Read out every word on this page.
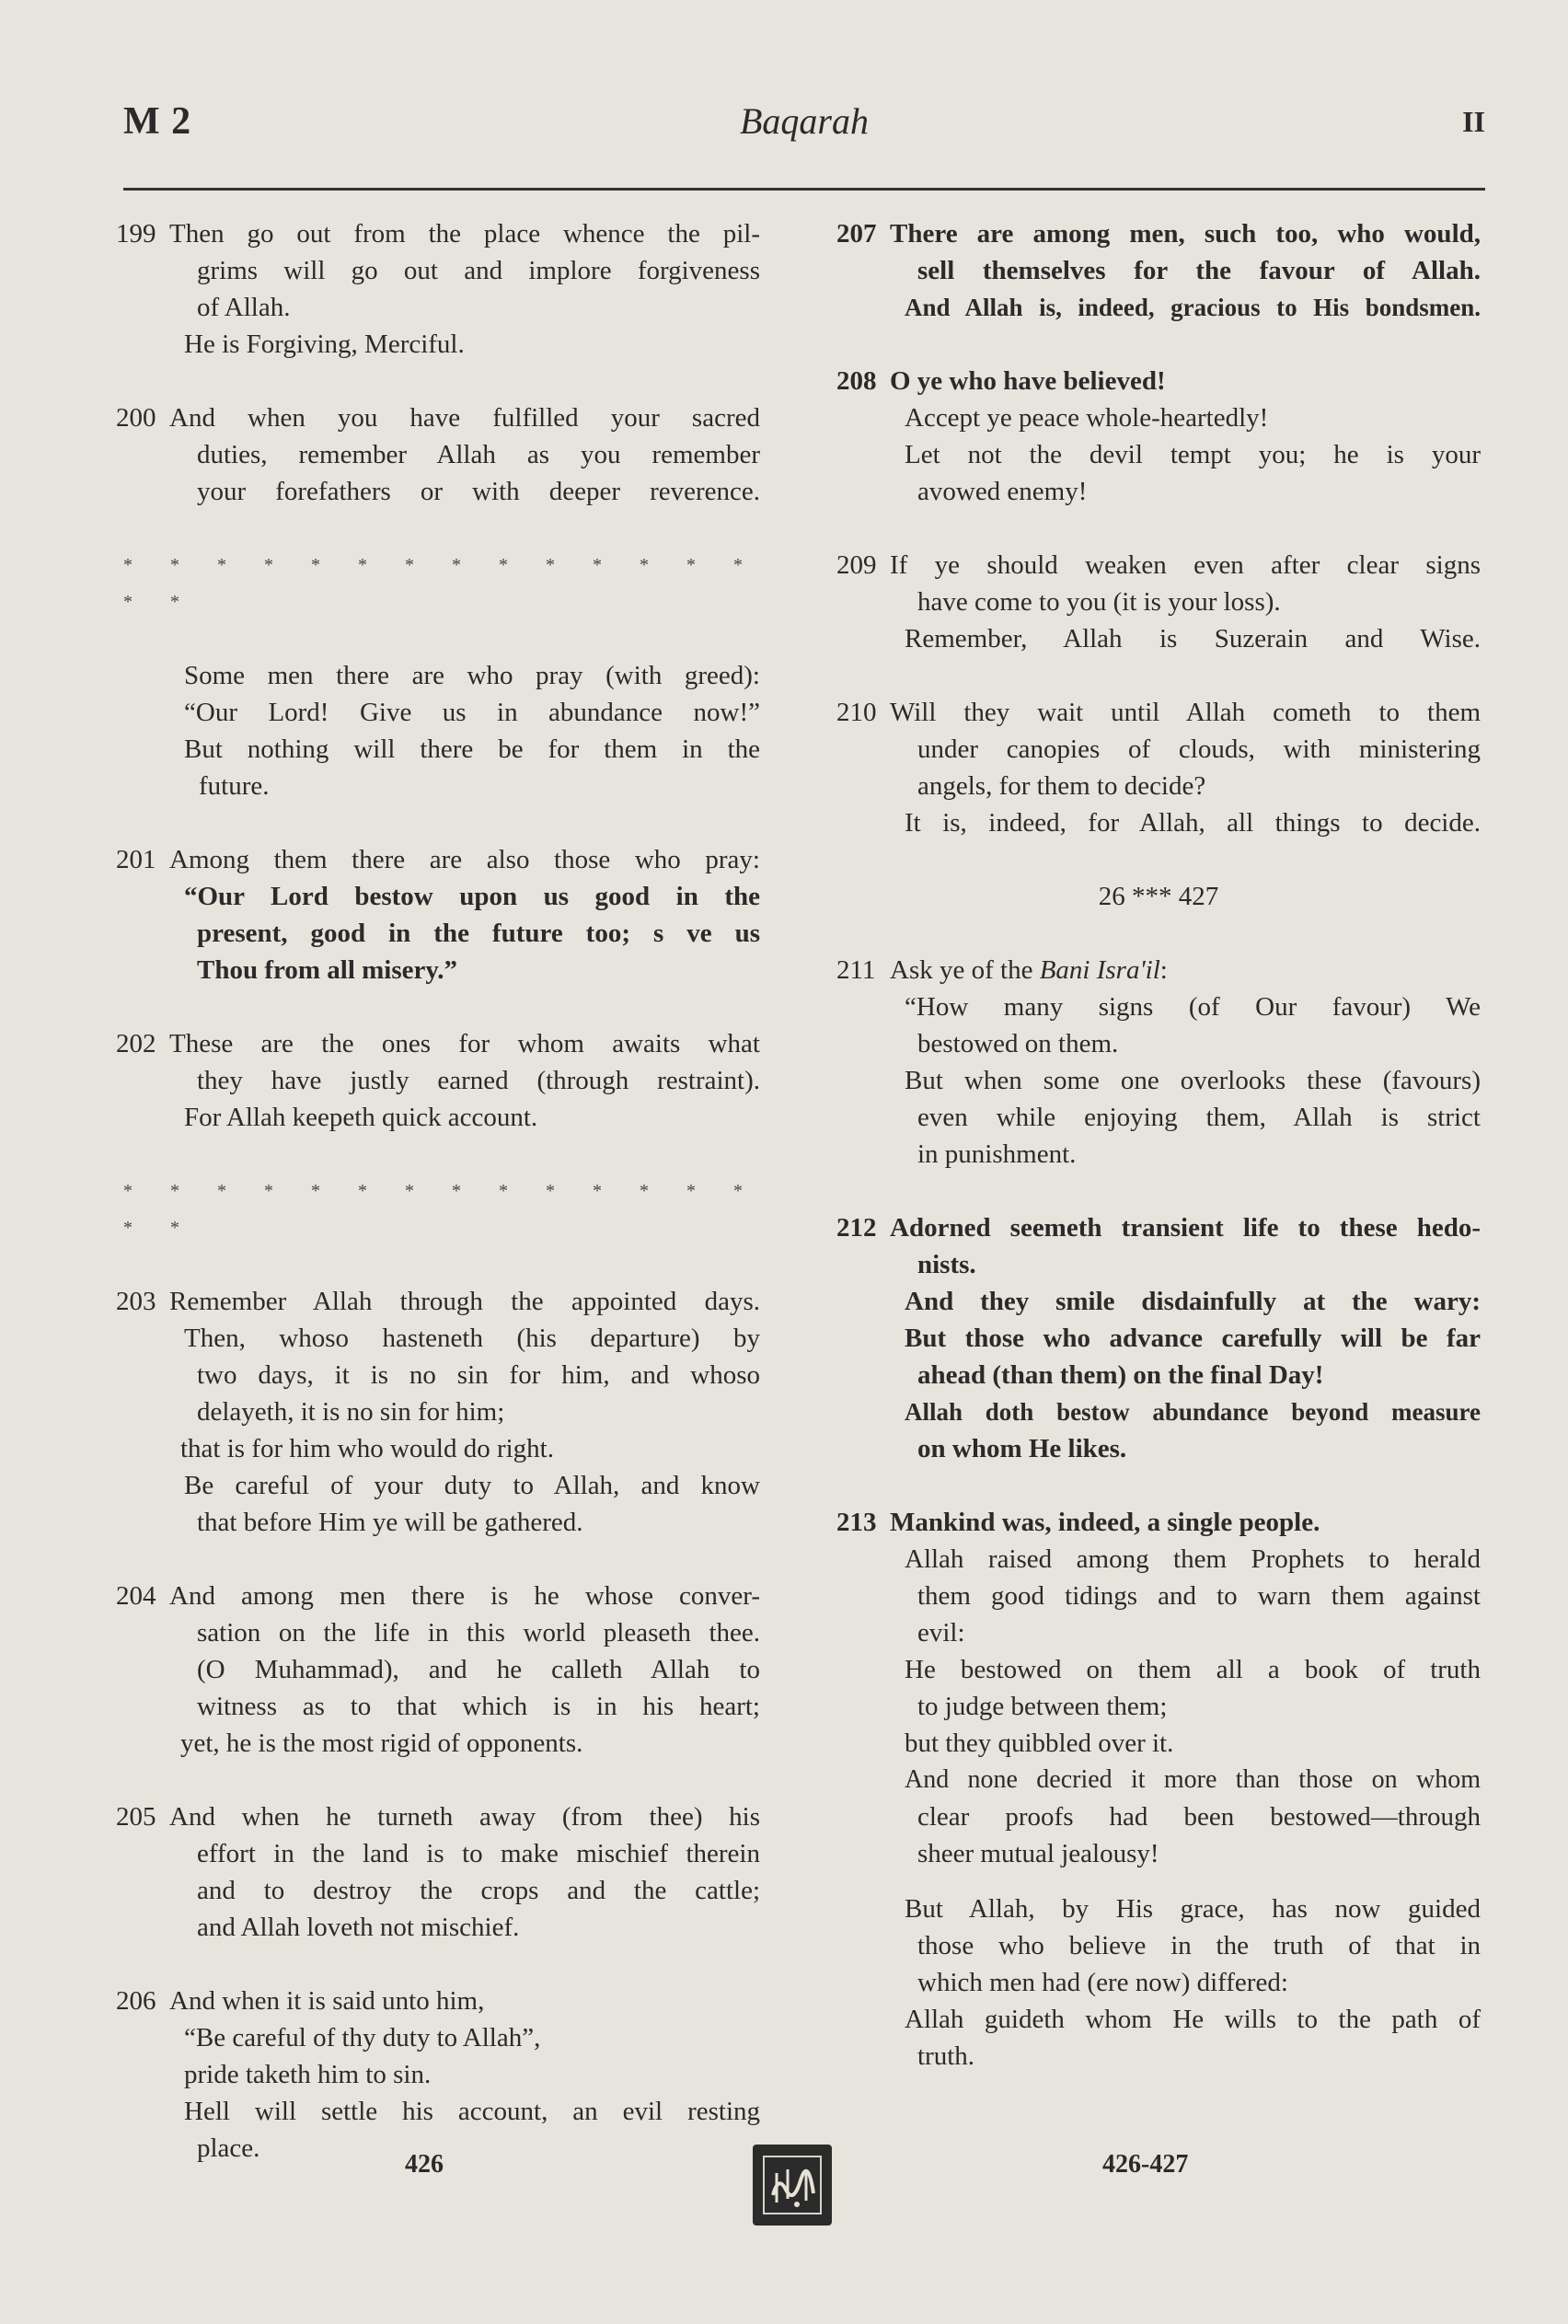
M 2	Baqarah	II
199 Then go out from the place whence the pil-
grims will go out and implore forgiveness
of Allah.
He is Forgiving, Merciful.
200 And when you have fulfilled your sacred
duties, remember Allah as you remember
your forefathers or with deeper reverence.
* * * * * * * * * * * * * * * *
Some men there are who pray (with greed):
“Our Lord! Give us in abundance now!”
But nothing will there be for them in the
future.
201 Among them there are also those who pray:
“Our Lord bestow upon us good in the
present, good in the future too; s ve us
Thou from all misery.”
202 These are the ones for whom awaits what
they have justly earned (through restraint).
For Allah keepeth quick account.
* * * * * * * * * * * * * * * *
203 Remember Allah through the appointed days.
Then, whoso hasteneth (his departure) by
two days, it is no sin for him, and whoso
delayeth, it is no sin for him;
that is for him who would do right.
Be careful of your duty to Allah, and know
that before Him ye will be gathered.
204 And among men there is he whose conver-
sation on the life in this world pleaseth thee.
(O Muhammad), and he calleth Allah to
witness as to that which is in his heart;
yet, he is the most rigid of opponents.
205 And when he turneth away (from thee) his
effort in the land is to make mischief therein
and to destroy the crops and the cattle;
and Allah loveth not mischief.
206 And when it is said unto him,
“Be careful of thy duty to Allah”,
pride taketh him to sin.
Hell will settle his account, an evil resting
place.
207 There are among men, such too, who would,
sell themselves for the favour of Allah.
And Allah is, indeed, gracious to His bondsmen.
208 O ye who have believed!
Accept ye peace whole-heartedly!
Let not the devil tempt you; he is your
avowed enemy!
209 If ye should weaken even after clear signs
have come to you (it is your loss).
Remember, Allah is Suzerain and Wise.
210 Will they wait until Allah cometh to them
under canopies of clouds, with ministering
angels, for them to decide?
It is, indeed, for Allah, all things to decide.
26 *** 427
211 Ask ye of the Bani Isra'il:
“How many signs (of Our favour) We
bestowed on them.
But when some one overlooks these (favours)
even while enjoying them, Allah is strict
in punishment.
212 Adorned seemeth transient life to these hedo-
nists.
And they smile disdainfully at the wary:
But those who advance carefully will be far
ahead (than them) on the final Day!
Allah doth bestow abundance beyond measure
on whom He likes.
213 Mankind was, indeed, a single people.
Allah raised among them Prophets to herald
them good tidings and to warn them against
evil:
He bestowed on them all a book of truth
to judge between them;
but they quibbled over it.
And none decried it more than those on whom
clear proofs had been bestowed—through
sheer mutual jealousy!
But Allah, by His grace, has now guided
those who believe in the truth of that in
which men had (ere now) differed:
Allah guideth whom He wills to the path of
truth.
426	426-427
